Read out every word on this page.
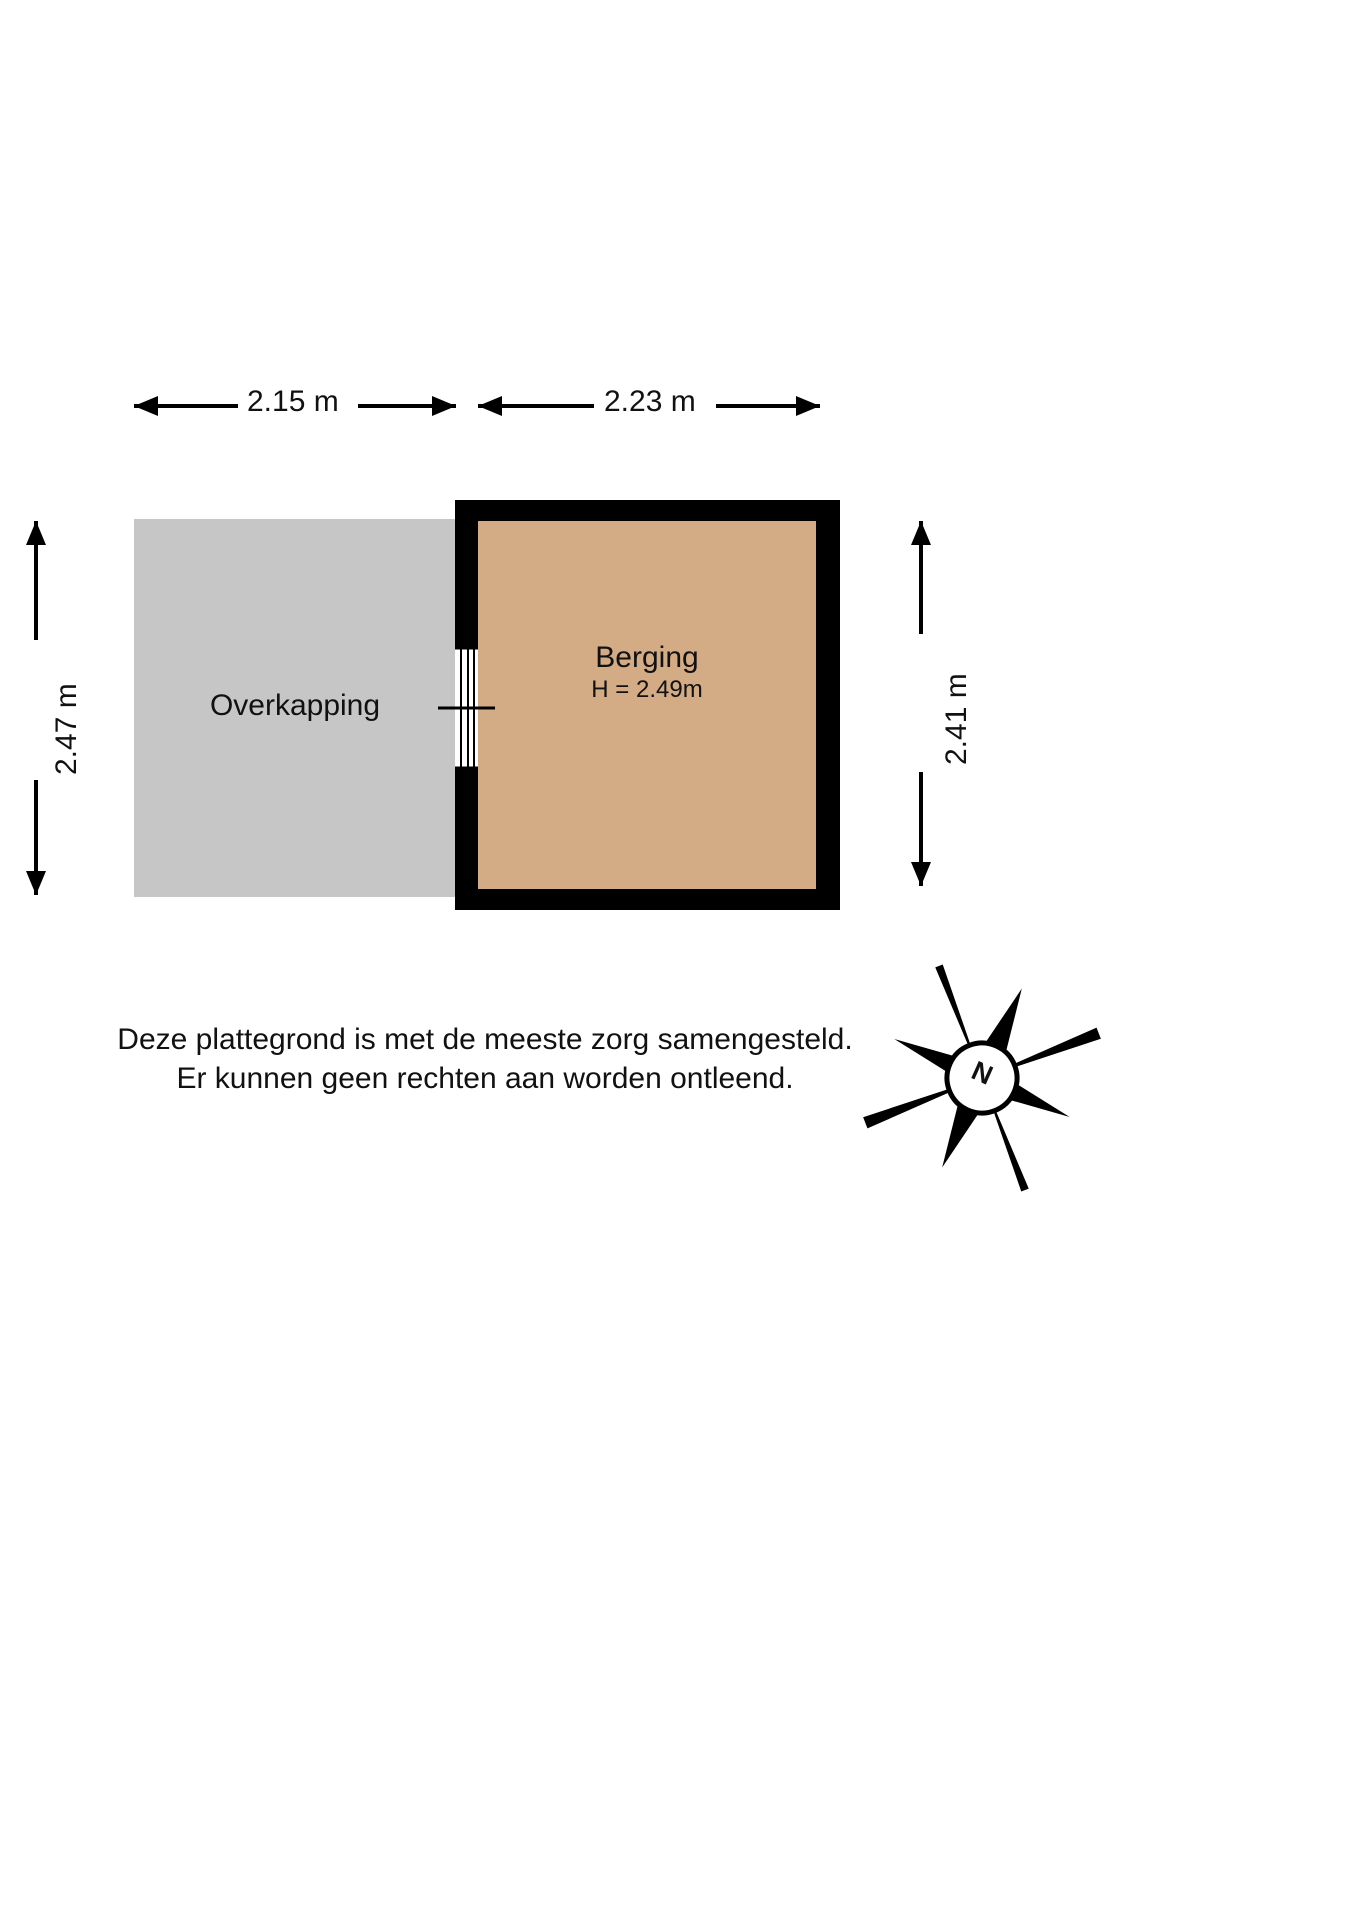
2.15 m	2.23 m
2.47 m	2.41 m
Overkapping
Berging
H = 2.49m
Deze plattegrond is met de meeste zorg samengesteld.
Er kunnen geen rechten aan worden ontleend.	N
